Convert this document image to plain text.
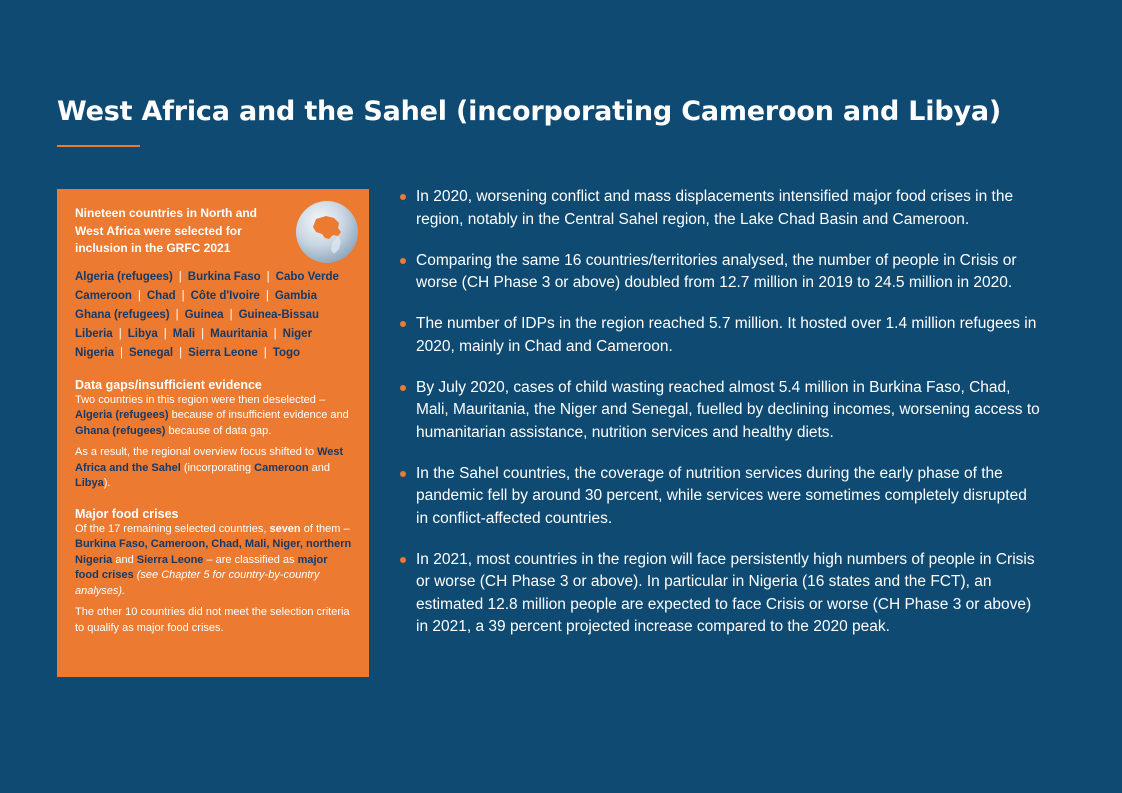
West Africa and the Sahel (incorporating Cameroon and Libya)

Nineteen countries in North and West Africa were selected for inclusion in the GRFC 2021

Algeria (refugees) | Burkina Faso | Cabo Verde
Cameroon | Chad | Côte d'Ivoire | Gambia
Ghana (refugees) | Guinea | Guinea-Bissau
Liberia | Libya | Mali | Mauritania | Niger
Nigeria | Senegal | Sierra Leone | Togo
Data gaps/insufficient evidence

Two countries in this region were then deselected – Algeria (refugees) because of insufficient evidence and Ghana (refugees) because of data gap.

As a result, the regional overview focus shifted to West Africa and the Sahel (incorporating Cameroon and Libya).

Major food crises

Of the 17 remaining selected countries, seven of them – Burkina Faso, Cameroon, Chad, Mali, Niger, northern Nigeria and Sierra Leone – are classified as major food crises (see Chapter 5 for country-by-country analyses).

The other 10 countries did not meet the selection criteria to qualify as major food crises.

In 2020, worsening conflict and mass displacements intensified major food crises in the region, notably in the Central Sahel region, the Lake Chad Basin and Cameroon.
Comparing the same 16 countries/territories analysed, the number of people in Crisis or worse (CH Phase 3 or above) doubled from 12.7 million in 2019 to 24.5 million in 2020.
The number of IDPs in the region reached 5.7 million. It hosted over 1.4 million refugees in 2020, mainly in Chad and Cameroon.
By July 2020, cases of child wasting reached almost 5.4 million in Burkina Faso, Chad, Mali, Mauritania, the Niger and Senegal, fuelled by declining incomes, worsening access to humanitarian assistance, nutrition services and healthy diets.
In the Sahel countries, the coverage of nutrition services during the early phase of the pandemic fell by around 30 percent, while services were sometimes completely disrupted in conflict-affected countries.
In 2021, most countries in the region will face persistently high numbers of people in Crisis or worse (CH Phase 3 or above). In particular in Nigeria (16 states and the FCT), an estimated 12.8 million people are expected to face Crisis or worse (CH Phase 3 or above) in 2021, a 39 percent projected increase compared to the 2020 peak.
